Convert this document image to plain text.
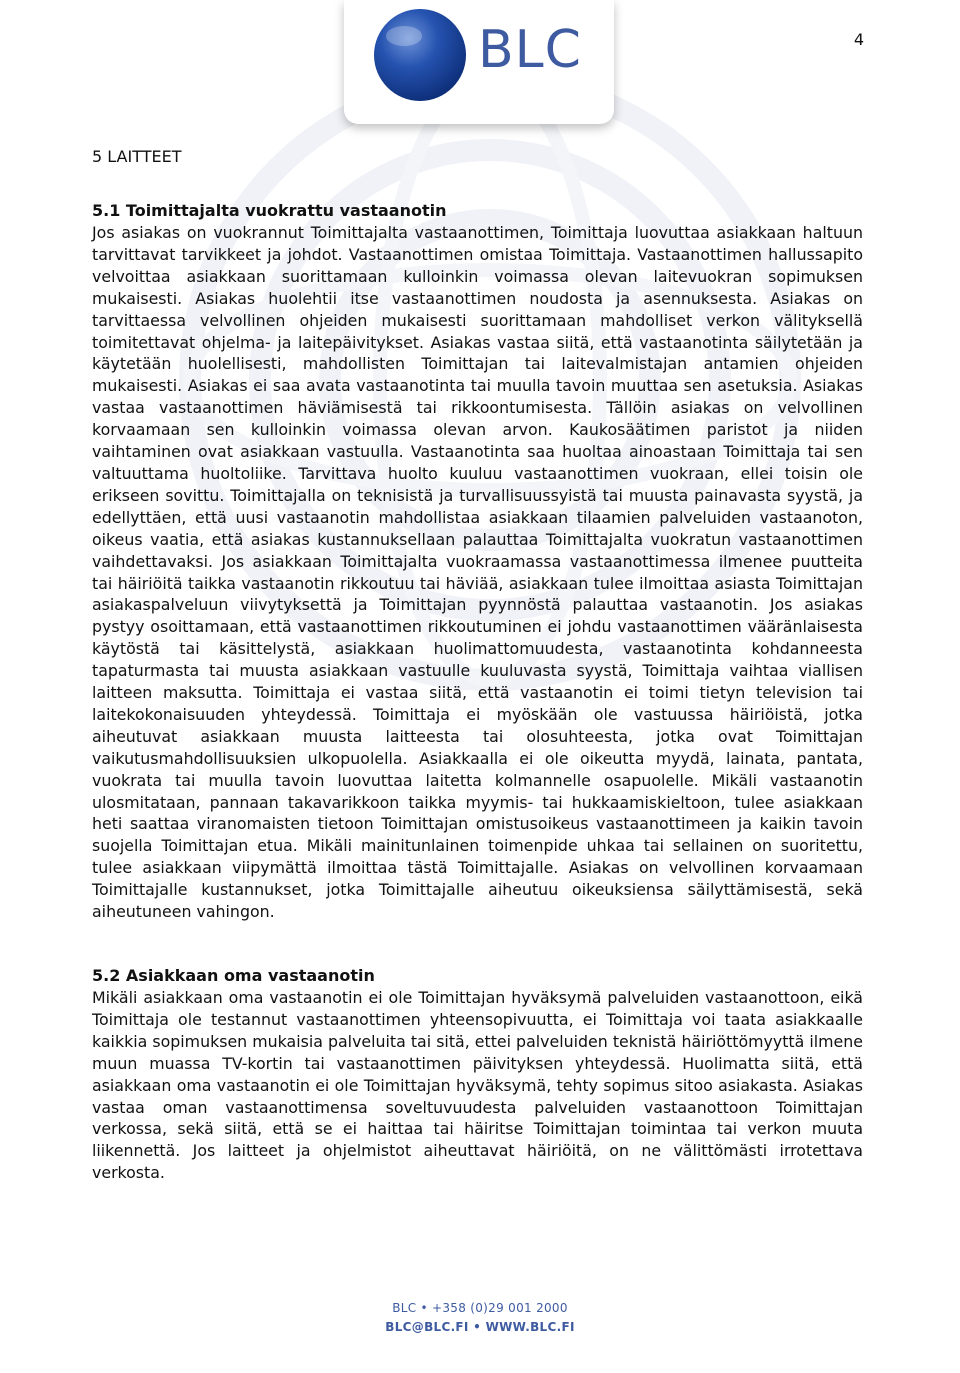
4
BLC
5 LAITTEET
5.1 Toimittajalta vuokrattu vastaanotin

Jos asiakas on vuokrannut Toimittajalta vastaanottimen, Toimittaja luovuttaa asiakkaan haltuun tarvittavat tarvikkeet ja johdot. Vastaanottimen omistaa Toimittaja. Vastaanottimen hallussapito velvoittaa asiakkaan suorittamaan kulloinkin voimassa olevan laitevuokran sopimuksen mukaisesti. Asiakas huolehtii itse vastaanottimen noudosta ja asennuksesta. Asiakas on tarvittaessa velvollinen ohjeiden mukaisesti suorittamaan mahdolliset verkon välityksellä toimitettavat ohjelma- ja laitepäivitykset. Asiakas vastaa siitä, että vastaanotinta säilytetään ja käytetään huolellisesti, mahdollisten Toimittajan tai laitevalmistajan antamien ohjeiden mukaisesti. Asiakas ei saa avata vastaanotinta tai muulla tavoin muuttaa sen asetuksia. Asiakas vastaa vastaanottimen häviämisestä tai rikkoontumisesta. Tällöin asiakas on velvollinen korvaamaan sen kulloinkin voimassa olevan arvon. Kaukosäätimen paristot ja niiden vaihtaminen ovat asiakkaan vastuulla. Vastaanotinta saa huoltaa ainoastaan Toimittaja tai sen valtuuttama huoltoliike. Tarvittava huolto kuuluu vastaanottimen vuokraan, ellei toisin ole erikseen sovittu. Toimittajalla on teknisistä ja turvallisuussyistä tai muusta painavasta syystä, ja edellyttäen, että uusi vastaanotin mahdollistaa asiakkaan tilaamien palveluiden vastaanoton, oikeus vaatia, että asiakas kustannuksellaan palauttaa Toimittajalta vuokratun vastaanottimen vaihdettavaksi. Jos asiakkaan Toimittajalta vuokraamassa vastaanottimessa ilmenee puutteita tai häiriöitä taikka vastaanotin rikkoutuu tai häviää, asiakkaan tulee ilmoittaa asiasta Toimittajan asiakaspalveluun viivytyksettä ja Toimittajan pyynnöstä palauttaa vastaanotin. Jos asiakas pystyy osoittamaan, että vastaanottimen rikkoutuminen ei johdu vastaanottimen vääränlaisesta käytöstä tai käsittelystä, asiakkaan huolimattomuudesta, vastaanotinta kohdanneesta tapaturmasta tai muusta asiakkaan vastuulle kuuluvasta syystä, Toimittaja vaihtaa viallisen laitteen maksutta. Toimittaja ei vastaa siitä, että vastaanotin ei toimi tietyn television tai laitekokonaisuuden yhteydessä. Toimittaja ei myöskään ole vastuussa häiriöistä, jotka aiheutuvat asiakkaan muusta laitteesta tai olosuhteesta, jotka ovat Toimittajan vaikutusmahdollisuuksien ulkopuolella. Asiakkaalla ei ole oikeutta myydä, lainata, pantata, vuokrata tai muulla tavoin luovuttaa laitetta kolmannelle osapuolelle. Mikäli vastaanotin ulosmitataan, pannaan takavarikkoon taikka myymis- tai hukkaamiskieltoon, tulee asiakkaan heti saattaa viranomaisten tietoon Toimittajan omistusoikeus vastaanottimeen ja kaikin tavoin suojella Toimittajan etua. Mikäli mainitunlainen toimenpide uhkaa tai sellainen on suoritettu, tulee asiakkaan viipymättä ilmoittaa tästä Toimittajalle. Asiakas on velvollinen korvaamaan Toimittajalle kustannukset, jotka Toimittajalle aiheutuu oikeuksiensa säilyttämisestä, sekä aiheutuneen vahingon.

5.2 Asiakkaan oma vastaanotin

Mikäli asiakkaan oma vastaanotin ei ole Toimittajan hyväksymä palveluiden vastaanottoon, eikä Toimittaja ole testannut vastaanottimen yhteensopivuutta, ei Toimittaja voi taata asiakkaalle kaikkia sopimuksen mukaisia palveluita tai sitä, ettei palveluiden teknistä häiriöttömyyttä ilmene muun muassa TV-kortin tai vastaanottimen päivityksen yhteydessä. Huolimatta siitä, että asiakkaan oma vastaanotin ei ole Toimittajan hyväksymä, tehty sopimus sitoo asiakasta. Asiakas vastaa oman vastaanottimensa soveltuvuudesta palveluiden vastaanottoon Toimittajan verkossa, sekä siitä, että se ei haittaa tai häiritse Toimittajan toimintaa tai verkon muuta liikennettä. Jos laitteet ja ohjelmistot aiheuttavat häiriöitä, on ne välittömästi irrotettava verkosta.

BLC • +358 (0)29 001 2000
BLC@BLC.FI • WWW.BLC.FI
